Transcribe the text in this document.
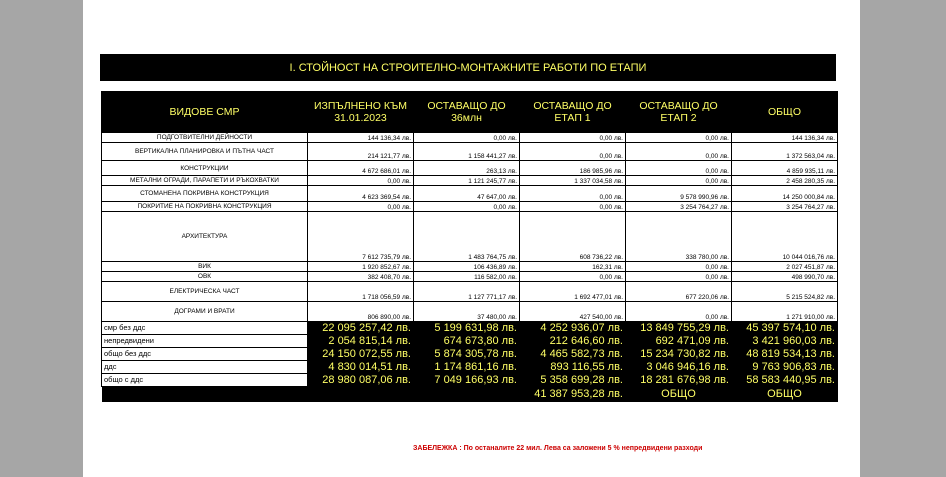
I. СТОЙНОСТ НА СТРОИТЕЛНО-МОНТАЖНИТЕ РАБОТИ ПО ЕТАПИ
ВИДОВЕ СМР	ИЗПЪЛНЕНО КЪМ 31.01.2023	ОСТАВАЩО ДО 36млн	ОСТАВАЩО ДО ЕТАП 1	ОСТАВАЩО ДО ЕТАП 2	ОБЩО
ПОДГОТВИТЕЛНИ ДЕЙНОСТИ	144 136,34 лв.	0,00 лв.	0,00 лв.	0,00 лв.	144 136,34 лв.
ВЕРТИКАЛНА ПЛАНИРОВКА И ПЪТНА ЧАСТ	214 121,77 лв.	1 158 441,27 лв.	0,00 лв.	0,00 лв.	1 372 563,04 лв.
КОНСТРУКЦИИ	4 672 686,01 лв.	263,13 лв.	186 985,96 лв.	0,00 лв.	4 859 935,11 лв.
МЕТАЛНИ ОГРАДИ, ПАРАПЕТИ И РЪКОХВАТКИ	0,00 лв.	1 121 245,77 лв.	1 337 034,58 лв.	0,00 лв.	2 458 280,35 лв.
СТОМАНЕНА ПОКРИВНА КОНСТРУКЦИЯ	4 623 369,54 лв.	47 647,00 лв.	0,00 лв.	9 578 990,96 лв.	14 250 000,84 лв.
ПОКРИТИЕ НА ПОКРИВНА КОНСТРУКЦИЯ	0,00 лв.	0,00 лв.	0,00 лв.	3 254 764,27 лв.	3 254 764,27 лв.
АРХИТЕКТУРА	7 612 735,79 лв.	1 483 764,75 лв.	608 736,22 лв.	338 780,00 лв.	10 044 016,76 лв.
ВИК	1 920 852,67 лв.	106 436,89 лв.	162,31 лв.	0,00 лв.	2 027 451,87 лв.
ОВК	382 408,70 лв.	116 582,00 лв.	0,00 лв.	0,00 лв.	498 990,70 лв.
ЕЛЕКТРИЧЕСКА ЧАСТ	1 718 056,59 лв.	1 127 771,17 лв.	1 692 477,01 лв.	677 220,06 лв.	5 215 524,82 лв.
ДОГРАМИ И ВРАТИ	806 890,00 лв.	37 480,00 лв.	427 540,00 лв.	0,00 лв.	1 271 910,00 лв.
смр без ддс	22 095 257,42 лв.	5 199 631,98 лв.	4 252 936,07 лв.	13 849 755,29 лв.	45 397 574,10 лв.
непредвидени	2 054 815,14 лв.	674 673,80 лв.	212 646,60 лв.	692 471,09 лв.	3 421 960,03 лв.
общо без ддс	24 150 072,55 лв.	5 874 305,78 лв.	4 465 582,73 лв.	15 234 730,82 лв.	48 819 534,13 лв.
ддс	4 830 014,51 лв.	1 174 861,16 лв.	893 116,55 лв.	3 046 946,16 лв.	9 763 906,83 лв.
общо с ддс	28 980 087,06 лв.	7 049 166,93 лв.	5 358 699,28 лв.	18 281 676,98 лв.	58 583 440,95 лв.
			41 387 953,28 лв.	ОБЩО	ОБЩО
ЗАБЕЛЕЖКА : По останалите 22 мил. Лева са заложени 5 % непредвидени разходи
